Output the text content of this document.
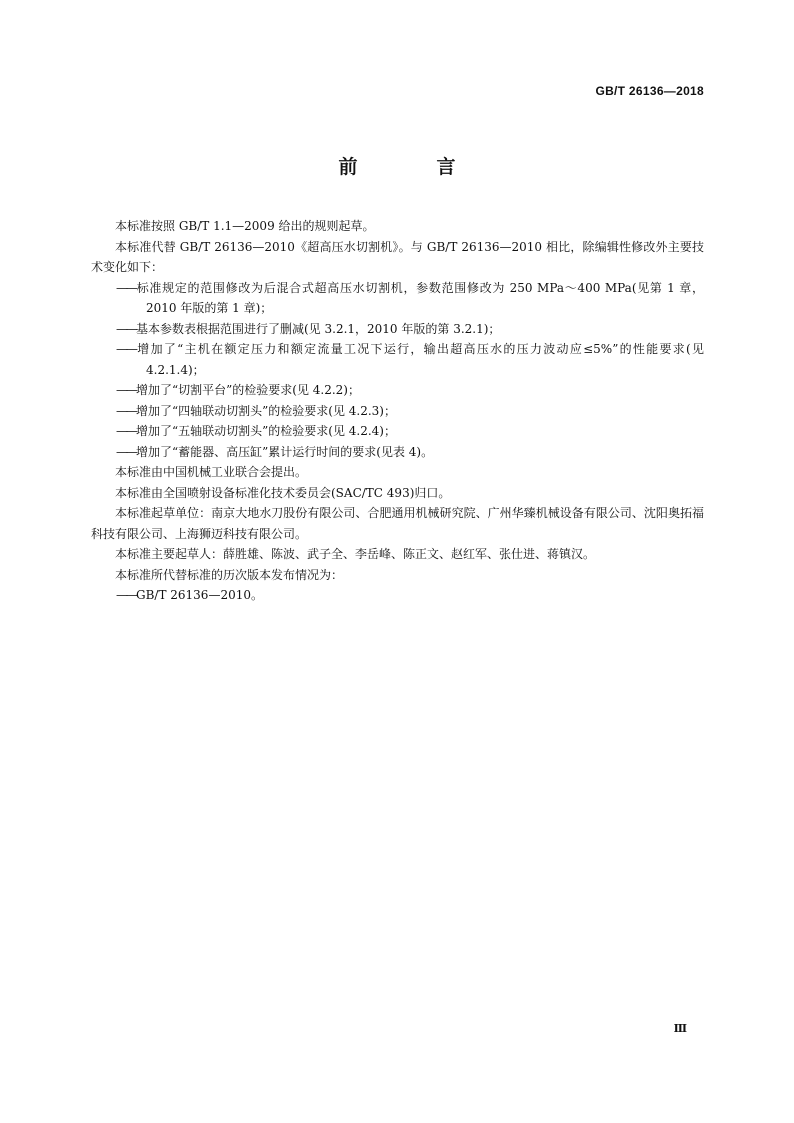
GB/T 26136—2018
前　言

本标准按照 GB/T 1.1—2009 给出的规则起草。

本标准代替 GB/T 26136—2010《超高压水切割机》。与 GB/T 26136—2010 相比，除编辑性修改外主要技术变化如下：

——标准规定的范围修改为后混合式超高压水切割机，参数范围修改为 250 MPa～400 MPa(见第 1 章，2010 年版的第 1 章)；

——基本参数表根据范围进行了删减(见 3.2.1，2010 年版的第 3.2.1)；

——增加了“主机在额定压力和额定流量工况下运行，输出超高压水的压力波动应≤5%”的性能要求(见 4.2.1.4)；

——增加了“切割平台”的检验要求(见 4.2.2)；

——增加了“四轴联动切割头”的检验要求(见 4.2.3)；

——增加了“五轴联动切割头”的检验要求(见 4.2.4)；

——增加了“蓄能器、高压缸”累计运行时间的要求(见表 4)。

本标准由中国机械工业联合会提出。

本标准由全国喷射设备标准化技术委员会(SAC/TC 493)归口。

本标准起草单位：南京大地水刀股份有限公司、合肥通用机械研究院、广州华臻机械设备有限公司、沈阳奥拓福科技有限公司、上海狮迈科技有限公司。

本标准主要起草人：薛胜雄、陈波、武子全、李岳峰、陈正文、赵红军、张仕进、蒋镇汉。

本标准所代替标准的历次版本发布情况为：

——GB/T 26136—2010。

Ⅲ
